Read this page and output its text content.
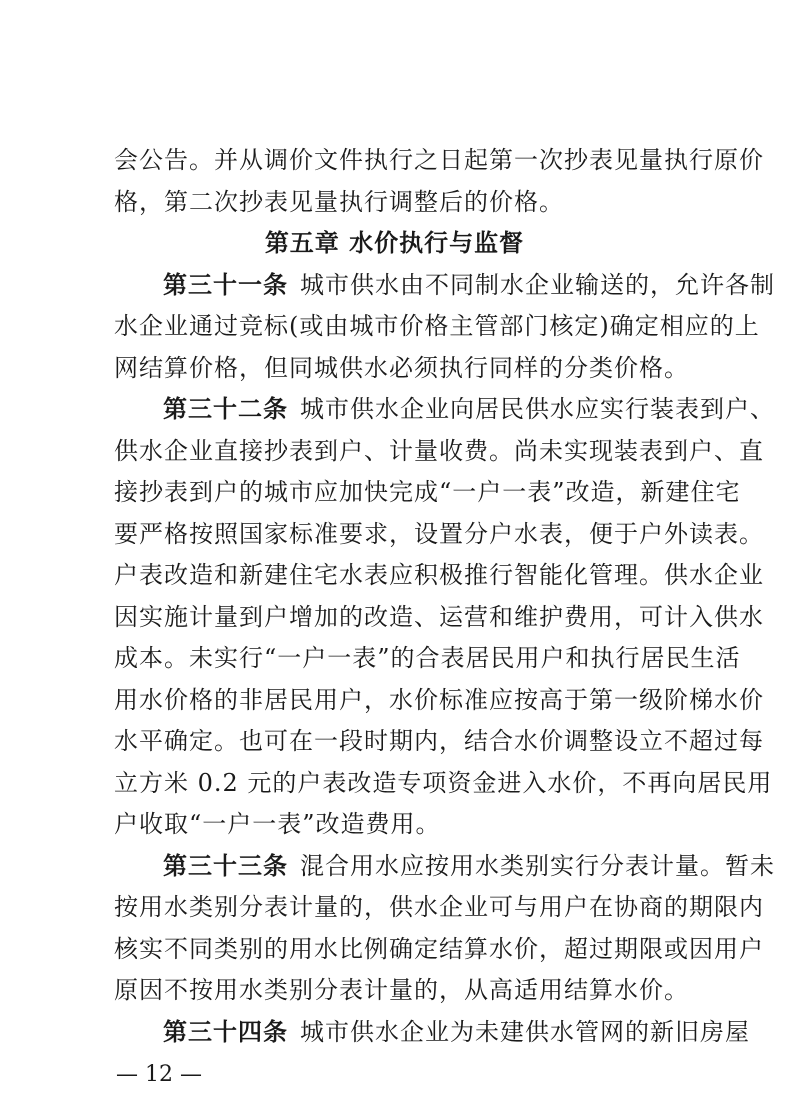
会公告。并从调价文件执行之日起第一次抄表见量执行原价
格，第二次抄表见量执行调整后的价格。
第五章 水价执行与监督
第三十一条 城市供水由不同制水企业输送的，允许各制
水企业通过竞标(或由城市价格主管部门核定)确定相应的上
网结算价格，但同城供水必须执行同样的分类价格。
第三十二条 城市供水企业向居民供水应实行装表到户、
供水企业直接抄表到户、计量收费。尚未实现装表到户、直
接抄表到户的城市应加快完成“一户一表”改造，新建住宅
要严格按照国家标准要求，设置分户水表，便于户外读表。
户表改造和新建住宅水表应积极推行智能化管理。供水企业
因实施计量到户增加的改造、运营和维护费用，可计入供水
成本。未实行“一户一表”的合表居民用户和执行居民生活
用水价格的非居民用户，水价标准应按高于第一级阶梯水价
水平确定。也可在一段时期内，结合水价调整设立不超过每
立方米 0.2 元的户表改造专项资金进入水价，不再向居民用
户收取“一户一表”改造费用。
第三十三条 混合用水应按用水类别实行分表计量。暂未
按用水类别分表计量的，供水企业可与用户在协商的期限内
核实不同类别的用水比例确定结算水价，超过期限或因用户
原因不按用水类别分表计量的，从高适用结算水价。
第三十四条 城市供水企业为未建供水管网的新旧房屋
— 12 —
